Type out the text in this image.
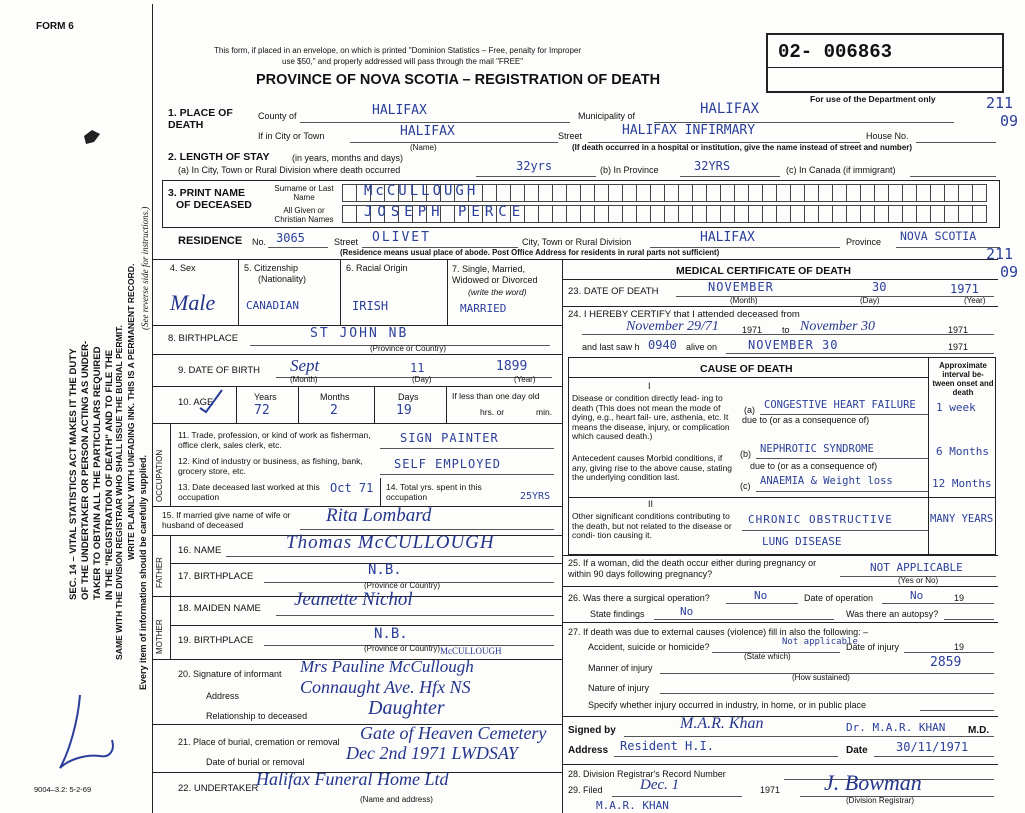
FORM 6
SEC. 14 – VITAL STATISTICS ACT MAKES IT THE DUTY OF THE UNDERTAKER OR PERSON ACTING AS UNDER- TAKER TO OBTAIN ALL THE PARTICULARS REQUIRED IN THE "REGISTRATION OF DEATH" AND TO FILE THE SAME WITH THE DIVISION REGISTRAR WHO SHALL ISSUE THE BURIAL PERMIT. WRITE PLAINLY WITH UNFADING INK. THIS IS A PERMANENT RECORD.
Every item of information should be carefully supplied.
(See reverse side for instructions.)
9004–3.2: 5-2-69
This form, if placed in an envelope, on which is printed "Dominion Statistics – Free, penalty for Improper
use $50," and properly addressed will pass through the mail "FREE"
PROVINCE OF NOVA SCOTIA – REGISTRATION OF DEATH
02- 006863
For use of the Department only	211
09
1. PLACE OF DEATH
County of	HALIFAX	Municipality of	HALIFAX
If in City or Town	HALIFAX
(Name)
Street	HALIFAX INFIRMARY	House No.
(If death occurred in a hospital or institution, give the name instead of street and number)
2. LENGTH OF STAY (in years, months and days)
(a) In City, Town or Rural Division where death occurred	32yrs	(b) In Province	32YRS	(c) In Canada (if immigrant)
3. PRINT NAME
OF DECEASED
Surname or Last Name
All Given or Christian Names
McCULLOUGH
JOSEPH PERCE
RESIDENCE No. 3065	Street OLIVET	City, Town or Rural Division	HALIFAX	Province NOVA SCOTIA
(Residence means usual place of abode. Post Office Address for residents in rural parts not sufficient)	211
09
4. Sex
Male
5. Citizenship
(Nationality)
CANADIAN
6. Racial Origin
IRISH
7. Single, Married, Widowed or Divorced
(write the word)
MARRIED
8. BIRTHPLACE	ST JOHN NB
(Province or Country)
9. DATE OF BIRTH Sept	11	1899
(Month)	(Day)	(Year)
10. AGE	Years	Months	Days
72	2	19
If less than one day old
hrs. or	min.
OCCUPATION
11. Trade, profession, or kind of work as fisherman, office clerk, sales clerk, etc.	SIGN PAINTER
12. Kind of industry or business, as fishing, bank, grocery store, etc.	SELF EMPLOYED
13. Date deceased last worked at this occupation
Oct 71 14. Total yrs. spent in this occupation	25YRS
15. If married give name of wife or husband of deceased	Rita Lombard
FATHER
16. NAME	Thomas McCULLOUGH
17. BIRTHPLACE	N.B.
(Province or Country)
MOTHER
18. MAIDEN NAME Jeanette Nichol
19. BIRTHPLACE	N.B.
(Province or Country)
20. Signature of informant
McCULLOUGH
Mrs Pauline McCullough
Address	Connaught Ave. Hfx NS
Relationship to deceased	Daughter
21. Place of burial, cremation or removal Gate of Heaven Cemetery
Date of burial or removal Dec 2nd 1971 LWDSAY
22. UNDERTAKER
Halifax Funeral Home Ltd
(Name and address)
MEDICAL CERTIFICATE OF DEATH
23. DATE OF DEATH	NOVEMBER	30	1971
(Month)	(Day)	(Year)
24. I HEREBY CERTIFY that I attended deceased from
November 29/71	1971 to November 30	1971
and last saw h 0940 alive on	NOVEMBER 30	1971
CAUSE OF DEATH	Approximate interval be- tween onset and death
I
Disease or condition directly lead- ing to death (This does not mean the mode of dying, e.g., heart fail- ure, asthenia, etc. It means the disease, injury, or complication which caused death.)
(a) CONGESTIVE HEART FAILURE 1 week
due to (or as a consequence of)
Antecedent causes Morbid conditions, if any, giving rise to the above cause, stating the underlying condition last.
(b) NEPHROTIC SYNDROME	6 Months
due to (or as a consequence of)
(c) ANAEMIA & Weight loss	12 Months
II
Other significant conditions contributing to the death, but not related to the disease or condi- tion causing it.
CHRONIC OBSTRUCTIVE
LUNG DISEASE
MANY YEARS
25. If a woman, did the death occur either during pregnancy or within 90 days following pregnancy?	NOT APPLICABLE
(Yes or No)
26. Was there a surgical operation?	No	Date of operation	No	19
State findings	No	Was there an autopsy?
27. If death was due to external causes (violence) fill in also the following: –
Accident, suicide or homicide?	Not applicable
(State which)
Date of injury	19
2859
Manner of injury
(How sustained)
Nature of injury
Specify whether injury occurred in industry, in home, or in public place
Signed by	M.A.R. Khan	Dr. M.A.R. KHAN M.D.
Address Resident H.I.	Date 30/11/1971
28. Division Registrar's Record Number
29. Filed Dec. 1	1971 J. Bowman
(Division Registrar)
M.A.R. KHAN
